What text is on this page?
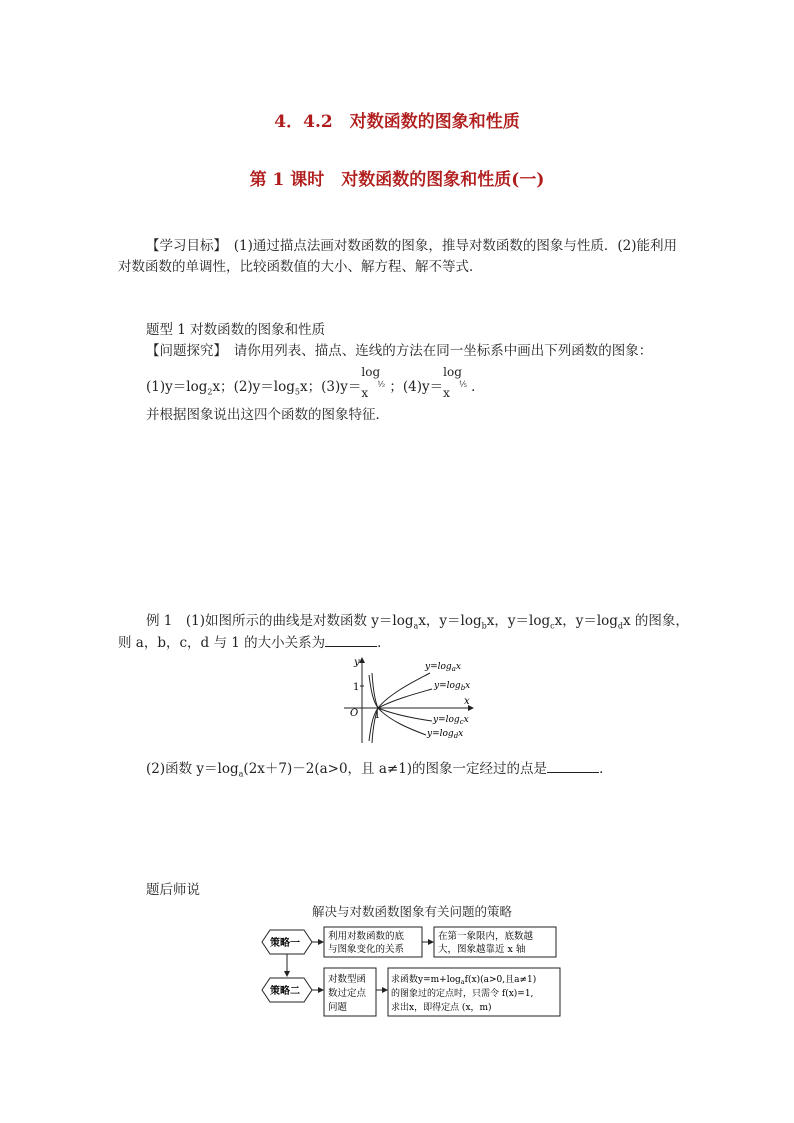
4．4.2　对数函数的图象和性质
第 1 课时　对数函数的图象和性质(一)

【学习目标】　 (1)通过描点法画对数函数的图象，推导对数函数的图象与性质．(2)能利用对数函数的单调性，比较函数值的大小、解方程、解不等式．

题型 1 对数函数的图象和性质

【问题探究】　 请你用列表、描点、连线的方法在同一坐标系中画出下列函数的图象：

$(1)y=\log_2x$；$(2)y=\log_5x$；(3)y＝
log x
½ ；(4)y＝
log x
⅕ ．

并根据图象说出这四个函数的图象特征．

例 1　 (1)如图所示的曲线是对数函数 $y=\log_ax$，$y=\log_bx$，$y=\log_cx$，$y=\log_dx$ 的图象，

则 a，b，c，d 与 1 的大小关系为	．

y
x
O
1
1
$y=\log_ax$
$y=\log_bx$
$y=\log_cx$
$y=\log_dx$

(2)函数 $y=\log_a(2x+7)-2(a>0$，且 a≠1)的图象一定经过的点是	．

题后师说

解决与对数函数图象有关问题的策略
策略一
利用对数函数的底
与图象变化的关系
在第一象限内，底数越
大，图象越靠近 x 轴
策略二
对数型函
数过定点
问题
求函数$y=m+\log_af(x)(a>0$,且a≠1)
的图象过的定点时，只需令 f(x)=1,
求出x，即得定点 (x，m)
